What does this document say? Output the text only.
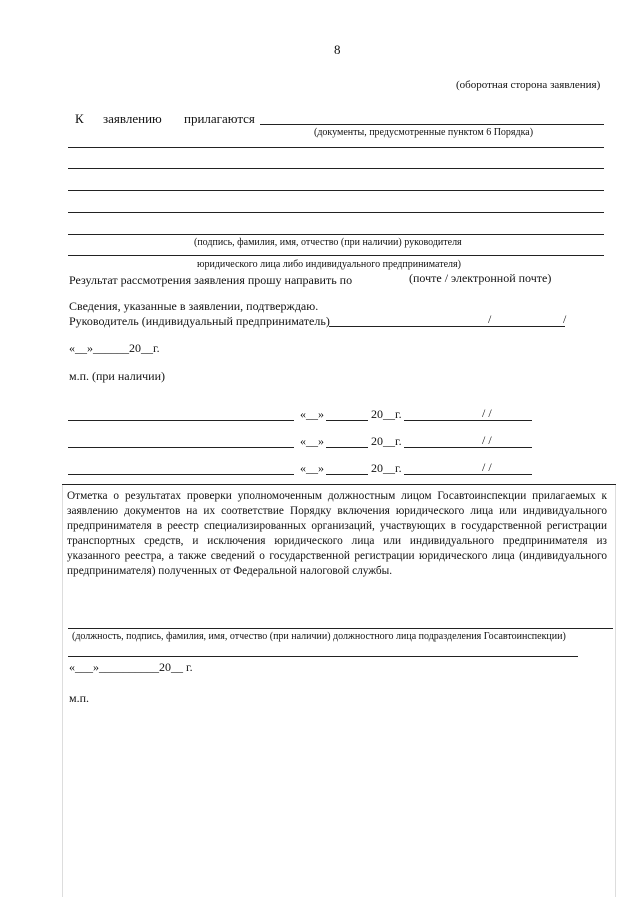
8
(оборотная сторона заявления)
К заявлению прилагаются
(документы, предусмотренные пунктом 6 Порядка)
(подпись, фамилия, имя, отчество (при наличии) руководителя
юридического лица либо индивидуального предпринимателя)
Результат рассмотрения заявления прошу направить по	(почте / электронной почте)
Сведения, указанные в заявлении, подтверждаю.
Руководитель (индивидуальный предприниматель)	/	/
«__»______20__г.
м.п. (при наличии)
«__»	20__г.	/ /
«__»	20__г.	/ /
«__»	20__г.	/ /
Отметка о результатах проверки уполномоченным должностным лицом Госавтоинспекции прилагаемых к заявлению документов на их соответствие Порядку включения юридического лица или индивидуального предпринимателя в реестр специализированных организаций, участвующих в государственной регистрации транспортных средств, и исключения юридического лица или индивидуального предпринимателя из указанного реестра, а также сведений о государственной регистрации юридического лица (индивидуального предпринимателя) полученных от Федеральной налоговой службы.
(должность, подпись, фамилия, имя, отчество (при наличии) должностного лица подразделения Госавтоинспекции)
«___»__________20__ г.
м.п.
